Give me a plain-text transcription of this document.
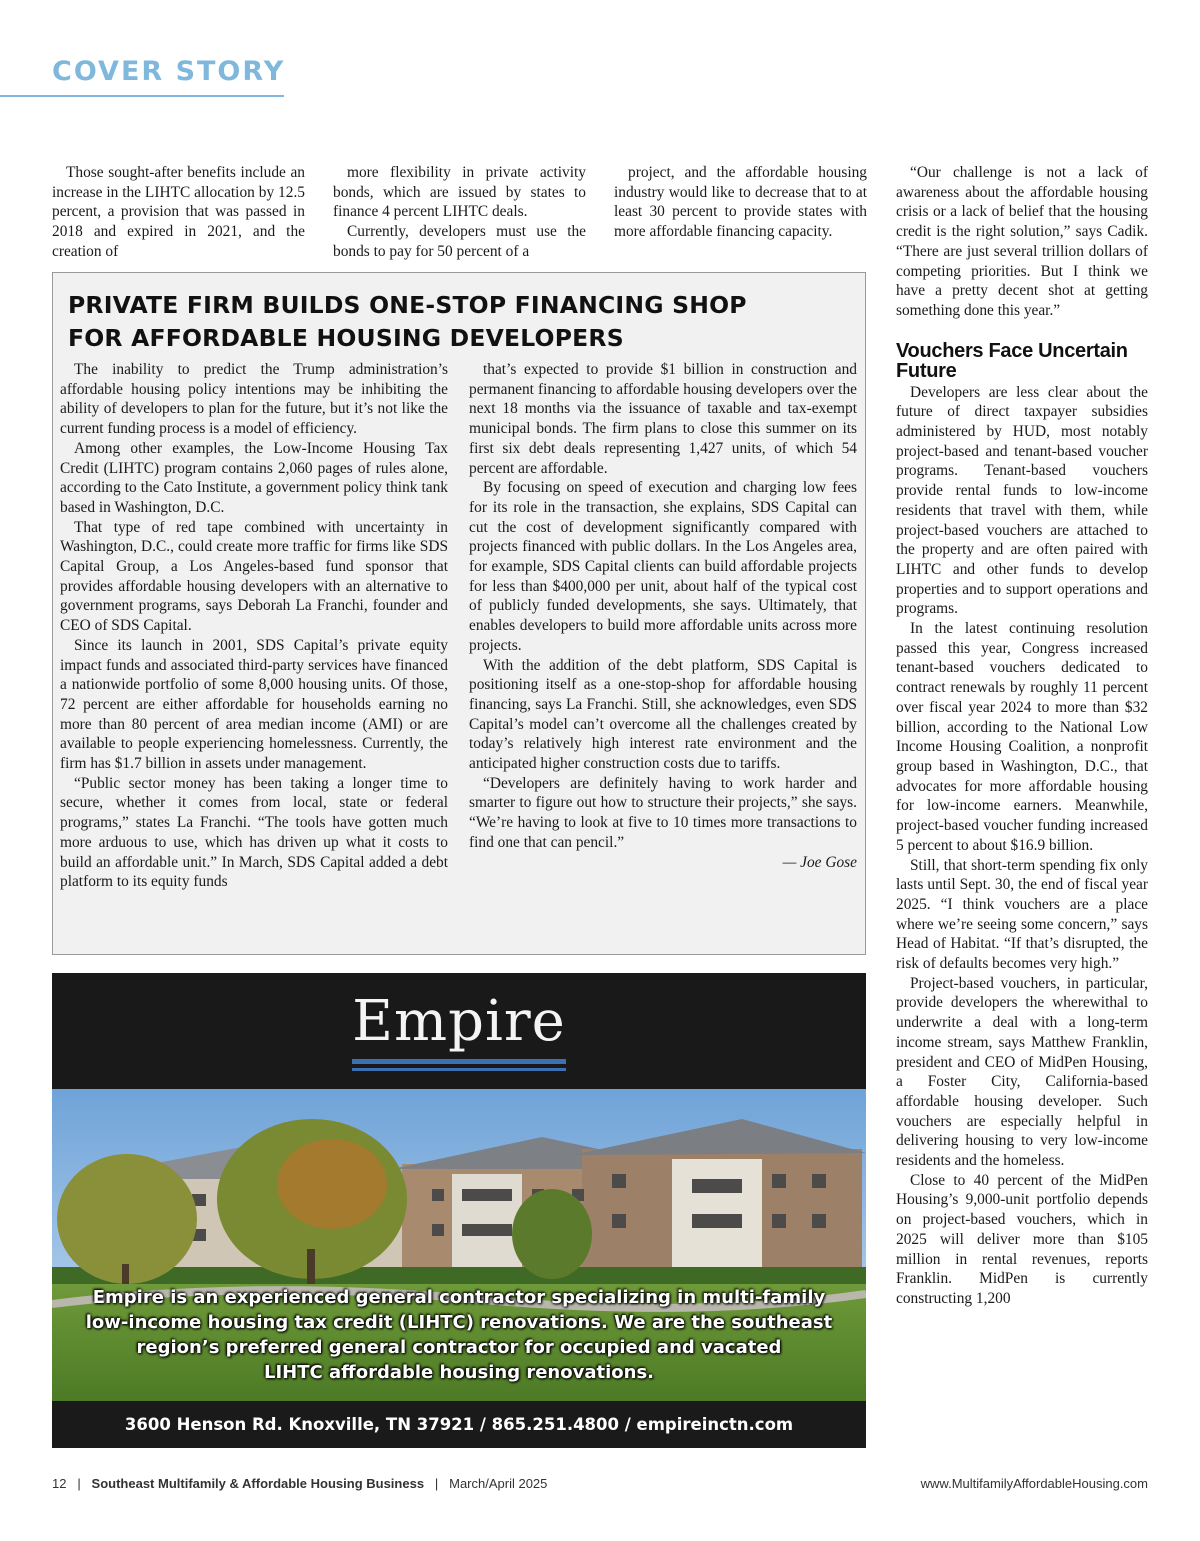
COVER STORY

Those sought-after benefits include an increase in the LIHTC allocation by 12.5 percent, a provision that was passed in 2018 and expired in 2021, and the creation of

more flexibility in private activity bonds, which are issued by states to finance 4 percent LIHTC deals.

Currently, developers must use the bonds to pay for 50 percent of a

project, and the affordable housing industry would like to decrease that to at least 30 percent to provide states with more affordable financing capacity.

“Our challenge is not a lack of awareness about the affordable housing crisis or a lack of belief that the housing credit is the right solution,” says Cadik. “There are just several trillion dollars of competing priorities. But I think we have a pretty decent shot at getting something done this year.”

Vouchers Face Uncertain Future

Developers are less clear about the future of direct taxpayer subsidies administered by HUD, most notably project-based and tenant-based voucher programs. Tenant-based vouchers provide rental funds to low-income residents that travel with them, while project-based vouchers are attached to the property and are often paired with LIHTC and other funds to develop properties and to support operations and programs.

In the latest continuing resolution passed this year, Congress increased tenant-based vouchers dedicated to contract renewals by roughly 11 percent over fiscal year 2024 to more than $32 billion, according to the National Low Income Housing Coalition, a nonprofit group based in Washington, D.C., that advocates for more affordable housing for low-income earners. Meanwhile, project-based voucher funding increased 5 percent to about $16.9 billion.

Still, that short-term spending fix only lasts until Sept. 30, the end of fiscal year 2025. “I think vouchers are a place where we’re seeing some concern,” says Head of Habitat. “If that’s disrupted, the risk of defaults becomes very high.”

Project-based vouchers, in particular, provide developers the wherewithal to underwrite a deal with a long-term income stream, says Matthew Franklin, president and CEO of MidPen Housing, a Foster City, California-based affordable housing developer. Such vouchers are especially helpful in delivering housing to very low-income residents and the homeless.

Close to 40 percent of the MidPen Housing’s 9,000-unit portfolio depends on project-based vouchers, which in 2025 will deliver more than $105 million in rental revenues, reports Franklin. MidPen is currently constructing 1,200

PRIVATE FIRM BUILDS ONE-STOP FINANCING SHOP
FOR AFFORDABLE HOUSING DEVELOPERS

The inability to predict the Trump administration’s affordable housing policy intentions may be inhibiting the ability of developers to plan for the future, but it’s not like the current funding process is a model of efficiency.

Among other examples, the Low-Income Housing Tax Credit (LIHTC) program contains 2,060 pages of rules alone, according to the Cato Institute, a government policy think tank based in Washington, D.C.

That type of red tape combined with uncertainty in Washington, D.C., could create more traffic for firms like SDS Capital Group, a Los Angeles-based fund sponsor that provides affordable housing developers with an alternative to government programs, says Deborah La Franchi, founder and CEO of SDS Capital.

Since its launch in 2001, SDS Capital’s private equity impact funds and associated third-party services have financed a nationwide portfolio of some 8,000 housing units. Of those, 72 percent are either affordable for households earning no more than 80 percent of area median income (AMI) or are available to people experiencing homelessness. Currently, the firm has $1.7 billion in assets under management.

“Public sector money has been taking a longer time to secure, whether it comes from local, state or federal programs,” states La Franchi. “The tools have gotten much more arduous to use, which has driven up what it costs to build an affordable unit.” In March, SDS Capital added a debt platform to its equity funds

that’s expected to provide $1 billion in construction and permanent financing to affordable housing developers over the next 18 months via the issuance of taxable and tax-exempt municipal bonds. The firm plans to close this summer on its first six debt deals representing 1,427 units, of which 54 percent are affordable.

By focusing on speed of execution and charging low fees for its role in the transaction, she explains, SDS Capital can cut the cost of development significantly compared with projects financed with public dollars. In the Los Angeles area, for example, SDS Capital clients can build affordable projects for less than $400,000 per unit, about half of the typical cost of publicly funded developments, she says. Ultimately, that enables developers to build more affordable units across more projects.

With the addition of the debt platform, SDS Capital is positioning itself as a one-stop-shop for affordable housing financing, says La Franchi. Still, she acknowledges, even SDS Capital’s model can’t overcome all the challenges created by today’s relatively high interest rate environment and the anticipated higher construction costs due to tariffs.

“Developers are definitely having to work harder and smarter to figure out how to structure their projects,” she says. “We’re having to look at five to 10 times more transactions to find one that can pencil.”

— Joe Gose

Empire
Empire is an experienced general contractor specializing in multi-family
low-income housing tax credit (LIHTC) renovations. We are the southeast
region’s preferred general contractor for occupied and vacated
LIHTC affordable housing renovations.
3600 Henson Rd. Knoxville, TN 37921 / 865.251.4800 / empireinctn.com
12   |   Southeast Multifamily & Affordable Housing Business   |   March/April 2025	www.MultifamilyAffordableHousing.com
